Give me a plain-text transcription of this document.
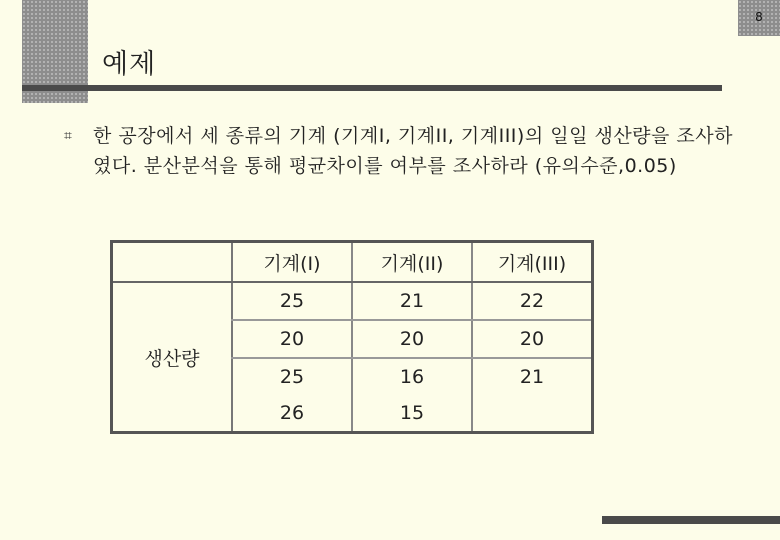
예제
8
⌗ 한 공장에서 세 종류의 기계 (기계I, 기계II, 기계III)의 일일 생산량을 조사하였다. 분산분석을 통해 평균차이를 여부를 조사하라 (유의수준,0.05)
	기계(I)	기계(II)	기계(III)
생산량	25	21	22
	20	20	20
	25	16	21
	26	15	
